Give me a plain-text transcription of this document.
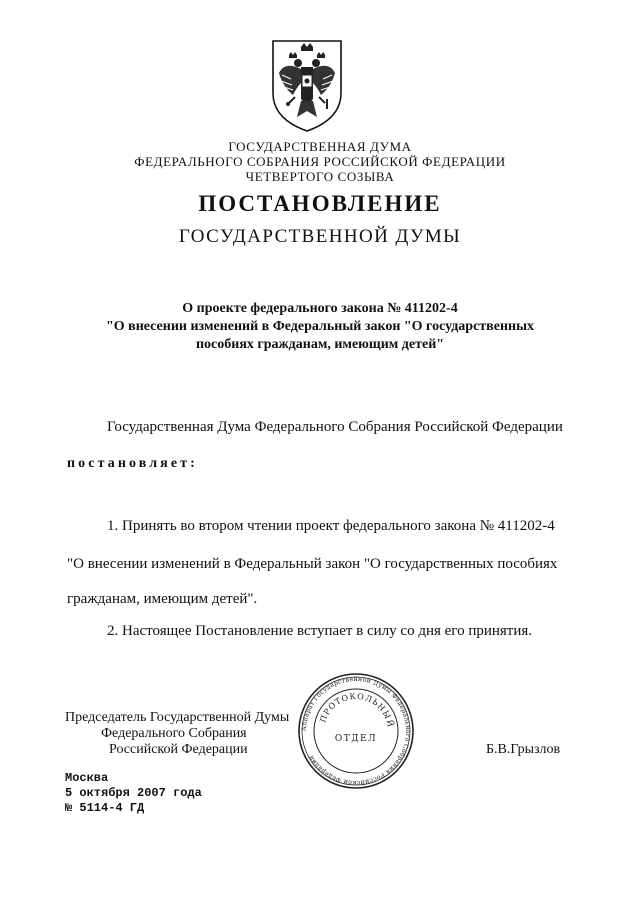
ГОСУДАРСТВЕННАЯ ДУМА
ФЕДЕРАЛЬНОГО СОБРАНИЯ РОССИЙСКОЙ ФЕДЕРАЦИИ
ЧЕТВЕРТОГО СОЗЫВА
ПОСТАНОВЛЕНИЕ
ГОСУДАРСТВЕННОЙ ДУМЫ
О проекте федерального закона № 411202-4
"О внесении изменений в Федеральный закон "О государственных
пособиях гражданам, имеющим детей"
Государственная Дума Федерального Собрания Российской Федерации
постановляет:
1. Принять во втором чтении проект федерального закона № 411202-4
"О внесении изменений в Федеральный закон "О государственных пособиях
гражданам, имеющим детей".
2. Настоящее Постановление вступает в силу со дня его принятия.
Председатель Государственной Думы
Федерального Собрания
Российской Федерации	Б.В.Грызлов
Аппарат Государственной Думы Федерального Собрания Российской Федерации
ПРОТОКОЛЬНЫЙ
ОТДЕЛ
Москва
5 октября 2007 года
№ 5114-4 ГД
